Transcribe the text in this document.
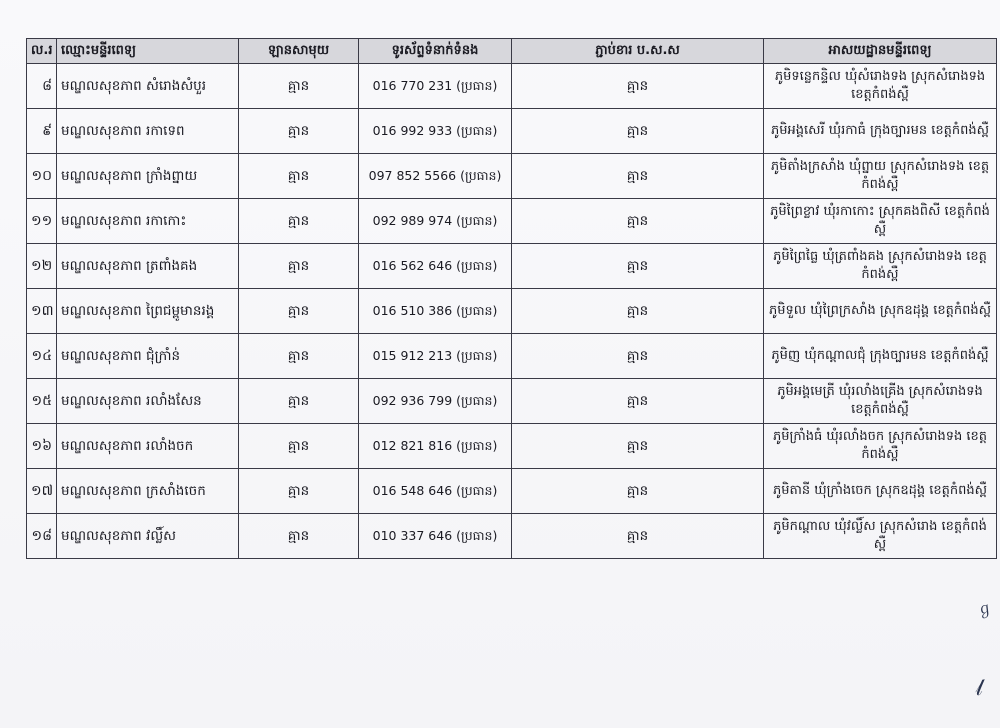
ល.រ	ឈ្មោះមន្ទីរពេទ្យ	ឡានសាមុយ	ទូរស័ព្ទទំនាក់ទំនង	ភ្ជាប់ខារ ប.ស.ស	អាសយដ្ឋានមន្ទីរពេទ្យ
៨	មណ្ឌលសុខភាព សំរោងសំបួរ	គ្មាន	016 770 231 (ប្រធាន)	គ្មាន	ភូមិទន្លេកន្ទិល ឃុំសំរោងទង ស្រុកសំរោងទង ខេត្តកំពង់ស្ពឺ
៩	មណ្ឌលសុខភាព រកាទេព	គ្មាន	016 992 933 (ប្រធាន)	គ្មាន	ភូមិអង្គសេរី ឃុំរកាធំ ក្រុងច្បារមន ខេត្តកំពង់ស្ពឺ
១០	មណ្ឌលសុខភាព ក្រាំងព្នាយ	គ្មាន	097 852 5566 (ប្រធាន)	គ្មាន	ភូមិតាំងក្រសាំង ឃុំព្នាយ ស្រុកសំរោងទង ខេត្តកំពង់ស្ពឺ
១១	មណ្ឌលសុខភាព រកាកោះ	គ្មាន	092 989 974 (ប្រធាន)	គ្មាន	ភូមិព្រៃខ្លាវ ឃុំរកាកោះ ស្រុកគងពិសី ខេត្តកំពង់ស្ពឺ
១២	មណ្ឌលសុខភាព ត្រពាំងគង	គ្មាន	016 562 646 (ប្រធាន)	គ្មាន	ភូមិព្រៃធ្លៃ ឃុំត្រពាំងគង ស្រុកសំរោងទង ខេត្តកំពង់ស្ពឺ
១៣	មណ្ឌលសុខភាព ព្រៃជម្ពូមានរង្គ	គ្មាន	016 510 386 (ប្រធាន)	គ្មាន	ភូមិទួល ឃុំព្រៃក្រសាំង ស្រុកឧដុង្គ ខេត្តកំពង់ស្ពឺ
១៤	មណ្ឌលសុខភាព ជុំក្រាំន់	គ្មាន	015 912 213 (ប្រធាន)	គ្មាន	ភូមិញ ឃុំកណ្តាលជុំ ក្រុងច្បារមន ខេត្តកំពង់ស្ពឺ
១៥	មណ្ឌលសុខភាព រលាំងសែន	គ្មាន	092 936 799 (ប្រធាន)	គ្មាន	ភូមិអង្គមេត្រី ឃុំរលាំងគ្រើង ស្រុកសំរោងទង ខេត្តកំពង់ស្ពឺ
១៦	មណ្ឌលសុខភាព រលាំងចក	គ្មាន	012 821 816 (ប្រធាន)	គ្មាន	ភូមិក្រាំងធំ ឃុំរលាំងចក ស្រុកសំរោងទង ខេត្តកំពង់ស្ពឺ
១៧	មណ្ឌលសុខភាព ក្រសាំងចេក	គ្មាន	016 548 646 (ប្រធាន)	គ្មាន	ភូមិតានី ឃុំក្រាំងចេក ស្រុកឧដុង្គ ខេត្តកំពង់ស្ពឺ
១៨	មណ្ឌលសុខភាព វល្លិ៍ស	គ្មាន	010 337 646 (ប្រធាន)	គ្មាន	ភូមិកណ្តាល ឃុំវល្លិ៍ស ស្រុកសំរោង ខេត្តកំពង់ស្ពឺ
ℊ
𝓁
